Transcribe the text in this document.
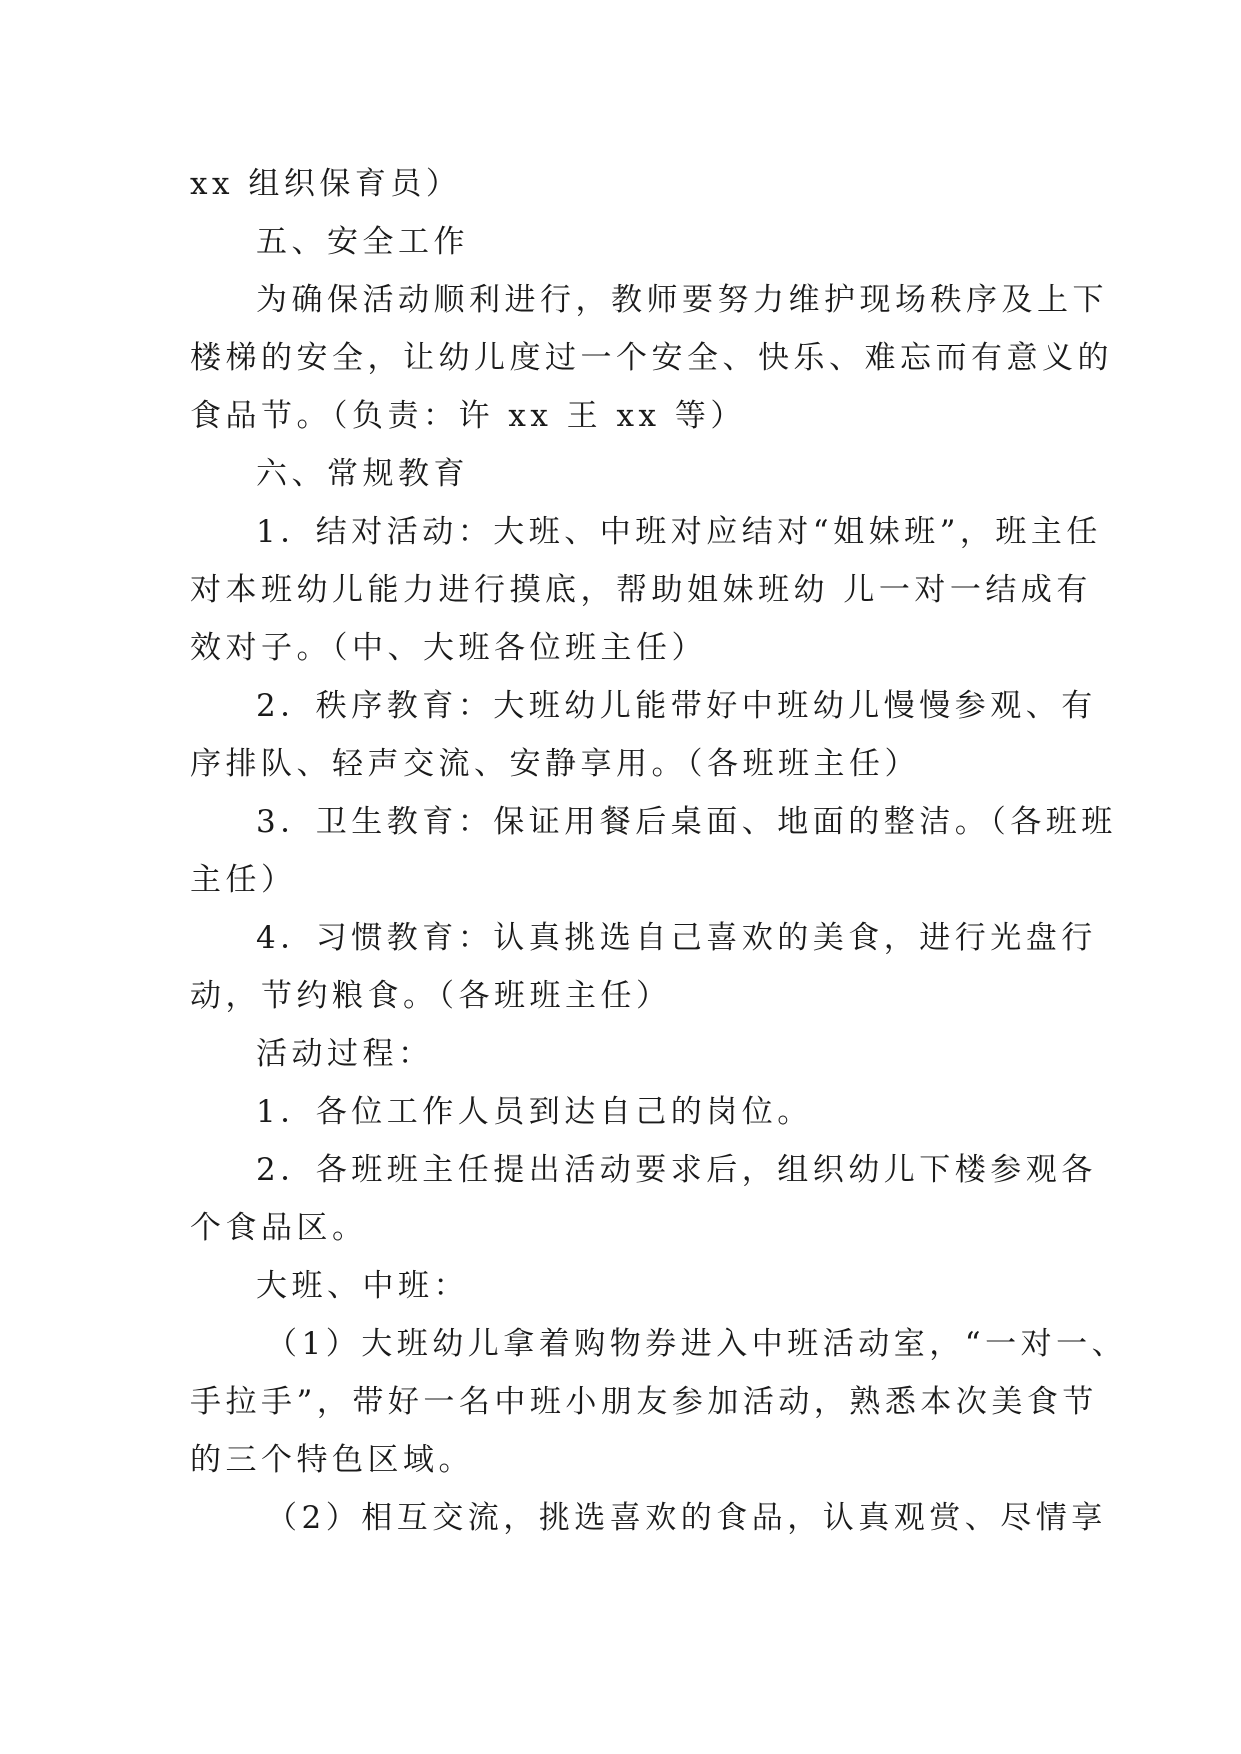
xx 组织保育员）
五、安全工作
为确保活动顺利进行，教师要努力维护现场秩序及上下
楼梯的安全，让幼儿度过一个安全、快乐、难忘而有意义的
食品节。（负责：许 xx 王 xx 等）
六、常规教育
1．结对活动：大班、中班对应结对“姐妹班”，班主任
对本班幼儿能力进行摸底，帮助姐妹班幼 儿一对一结成有
效对子。（中、大班各位班主任）
2．秩序教育：大班幼儿能带好中班幼儿慢慢参观、有
序排队、轻声交流、安静享用。（各班班主任）
3．卫生教育：保证用餐后桌面、地面的整洁。（各班班
主任）
4．习惯教育：认真挑选自己喜欢的美食，进行光盘行
动，节约粮食。（各班班主任）
活动过程：
1．各位工作人员到达自己的岗位。
2．各班班主任提出活动要求后，组织幼儿下楼参观各
个食品区。
大班、中班：
（1）大班幼儿拿着购物券进入中班活动室，“一对一、
手拉手”，带好一名中班小朋友参加活动，熟悉本次美食节
的三个特色区域。
（2）相互交流，挑选喜欢的食品，认真观赏、尽情享
